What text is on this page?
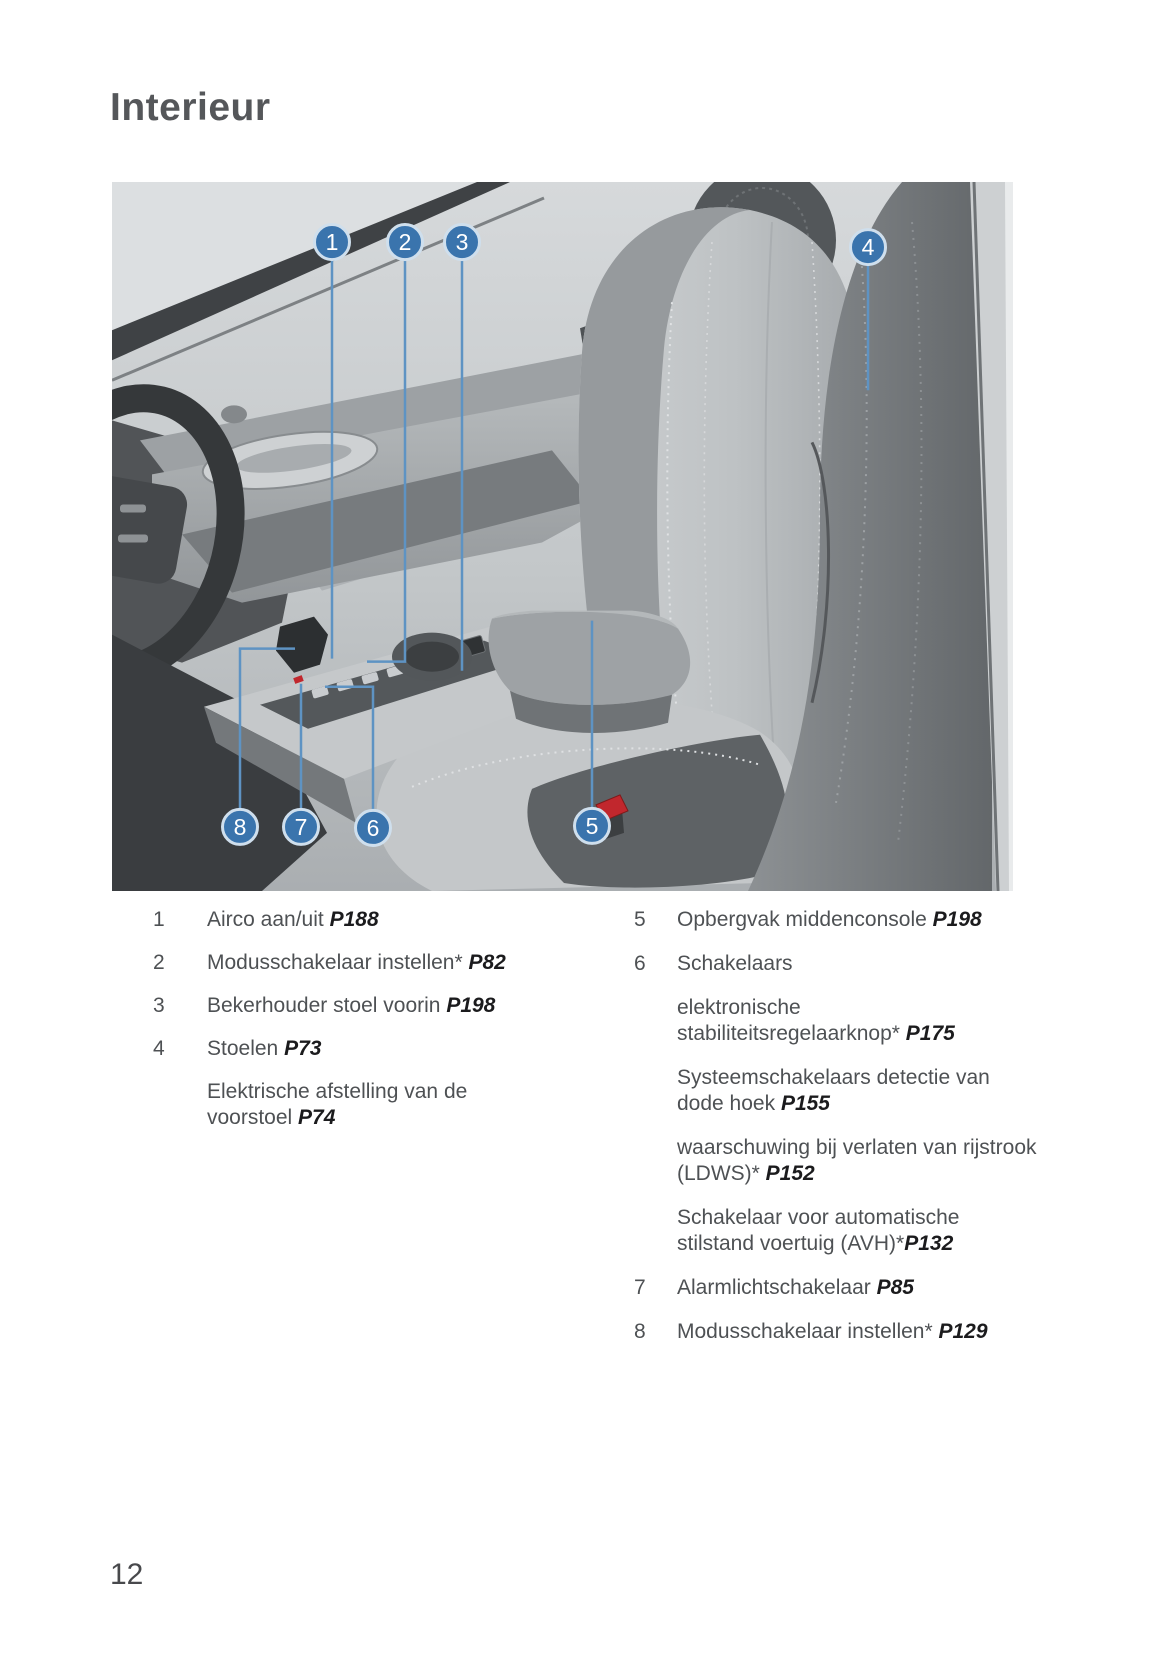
Interieur
1	2 3	4
5
6
7
8
1	Airco aan/uit P188
2	Modusschakelaar instellen* P82
3	Bekerhouder stoel voorin P198
4	Stoelen P73
Elektrische afstelling van de
voorstoel P74
5	Opbergvak middenconsole P198
6	Schakelaars
elektronische
stabiliteitsregelaarknop* P175
Systeemschakelaars detectie van
dode hoek P155
waarschuwing bij verlaten van rijstrook
(LDWS)* P152
Schakelaar voor automatische
stilstand voertuig (AVH)*P132
7	Alarmlichtschakelaar P85
8	Modusschakelaar instellen* P129
12
